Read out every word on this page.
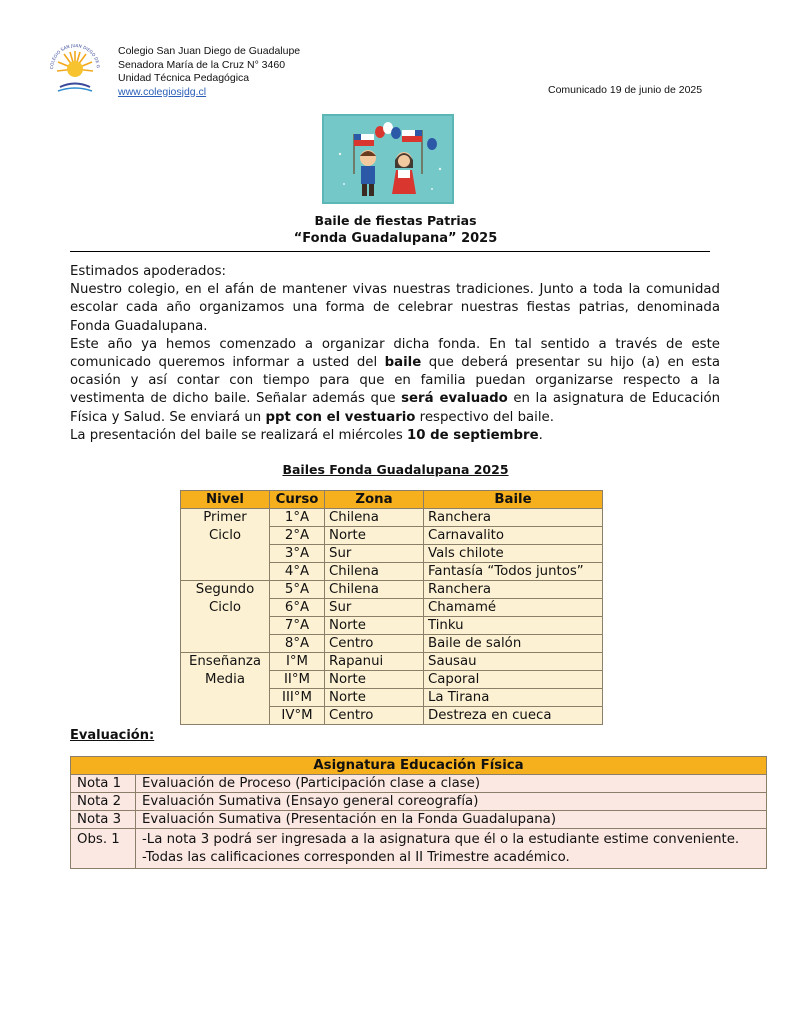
COLEGIO SAN JUAN DIEGO DE G
Colegio San Juan Diego de Guadalupe
Senadora María de la Cruz N° 3460
Unidad Técnica Pedagógica
www.colegiosjdg.cl	Comunicado 19 de junio de 2025
Baile de fiestas Patrias
“Fonda Guadalupana” 2025

Estimados apoderados:

Nuestro colegio, en el afán de mantener vivas nuestras tradiciones. Junto a toda la comunidad escolar cada año organizamos una forma de celebrar nuestras fiestas patrias, denominada Fonda Guadalupana.

Este año ya hemos comenzado a organizar dicha fonda. En tal sentido a través de este comunicado queremos informar a usted del baile que deberá presentar su hijo (a) en esta ocasión y así contar con tiempo para que en familia puedan organizarse respecto a la vestimenta de dicho baile. Señalar además que será evaluado en la asignatura de Educación Física y Salud. Se enviará un ppt con el vestuario respectivo del baile.

La presentación del baile se realizará el miércoles 10 de septiembre.

Bailes Fonda Guadalupana 2025
Nivel	Curso	Zona	Baile

Primer
Ciclo	1°A	Chilena	Ranchera
	2°A	Norte	Carnavalito
	3°A	Sur	Vals chilote
	4°A	Chilena	Fantasía “Todos juntos”

Segundo
Ciclo	5°A	Chilena	Ranchera
	6°A	Sur	Chamamé
	7°A	Norte	Tinku
	8°A	Centro	Baile de salón

Enseñanza
Media	I°M	Rapanui	Sausau
	II°M	Norte	Caporal
	III°M	Norte	La Tirana
	IV°M	Centro	Destreza en cueca
Evaluación:
Asignatura Educación Física	
Nota 1	Evaluación de Proceso (Participación clase a clase)
Nota 2	Evaluación Sumativa (Ensayo general coreografía)
Nota 3	Evaluación Sumativa (Presentación en la Fonda Guadalupana)
Obs. 1	-La nota 3 podrá ser ingresada a la asignatura que él o la estudiante estime conveniente.
-Todas las calificaciones corresponden al II Trimestre académico.
